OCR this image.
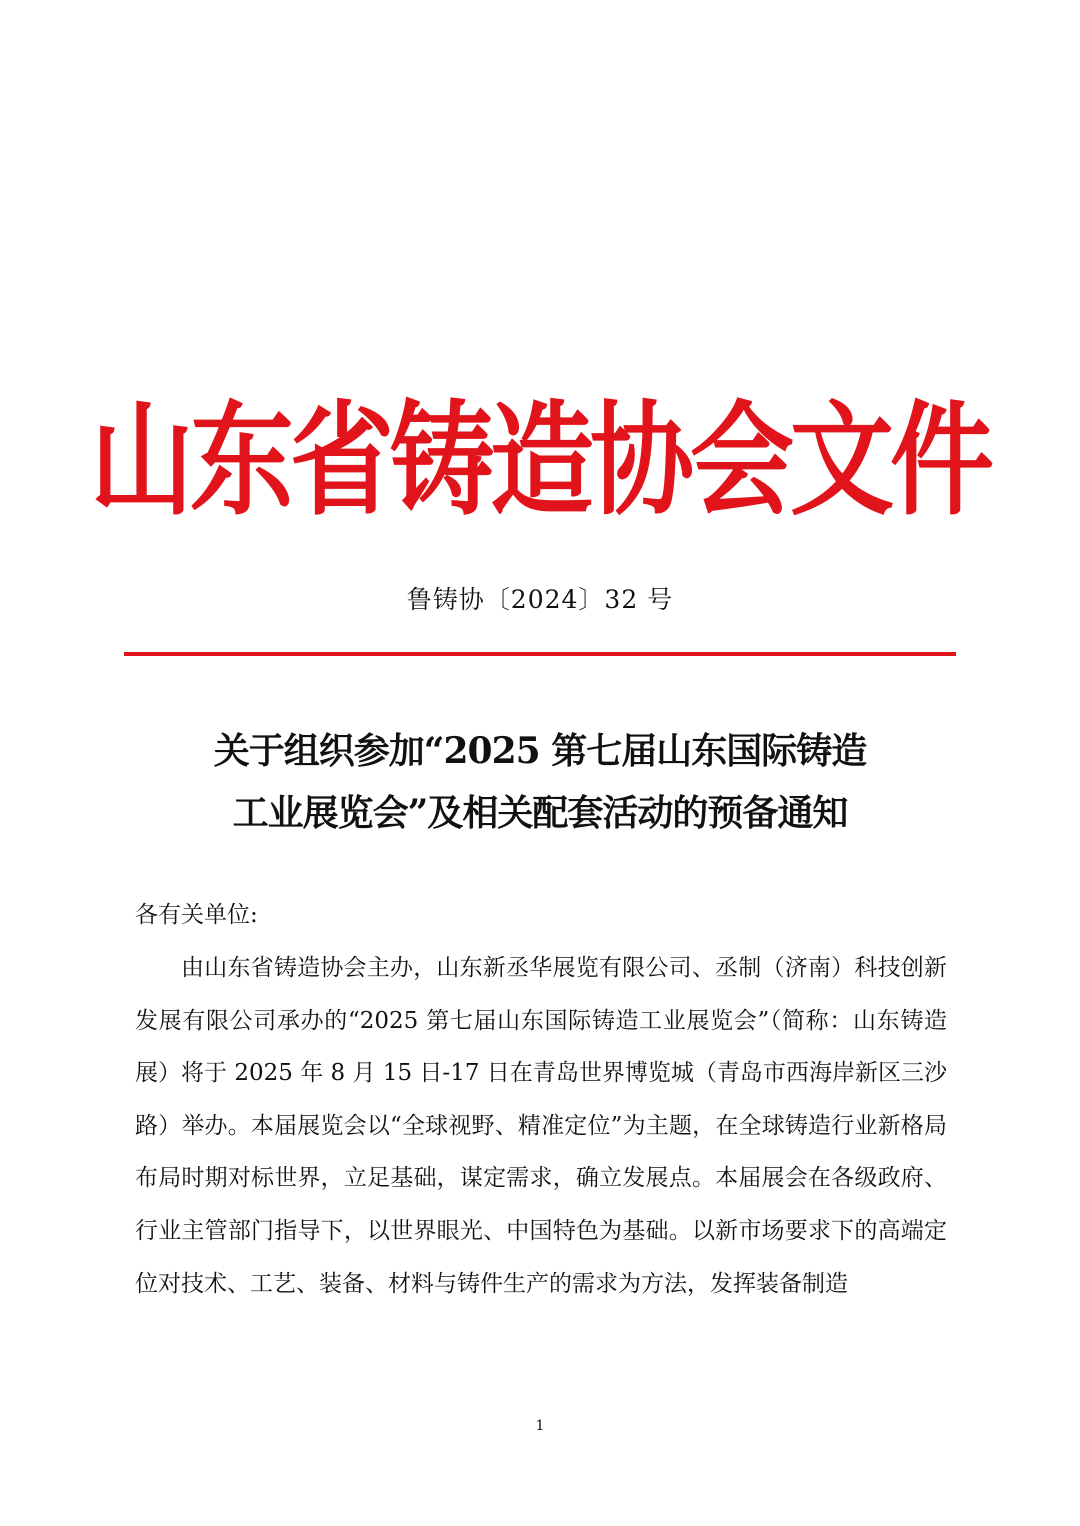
山东省铸造协会文件
鲁铸协〔2024〕32 号
关于组织参加“2025 第七届山东国际铸造
工业展览会”及相关配套活动的预备通知
各有关单位:

由山东省铸造协会主办，山东新丞华展览有限公司、丞制（济南）科技创新发展有限公司承办的“2025 第七届山东国际铸造工业展览会”（简称：山东铸造展）将于 2025 年 8 月 15 日-17 日在青岛世界博览城（青岛市西海岸新区三沙路）举办。本届展览会以“全球视野、精准定位”为主题，在全球铸造行业新格局布局时期对标世界，立足基础，谋定需求，确立发展点。本届展会在各级政府、行业主管部门指导下，以世界眼光、中国特色为基础。以新市场要求下的高端定位对技术、工艺、装备、材料与铸件生产的需求为方法，发挥装备制造

1
